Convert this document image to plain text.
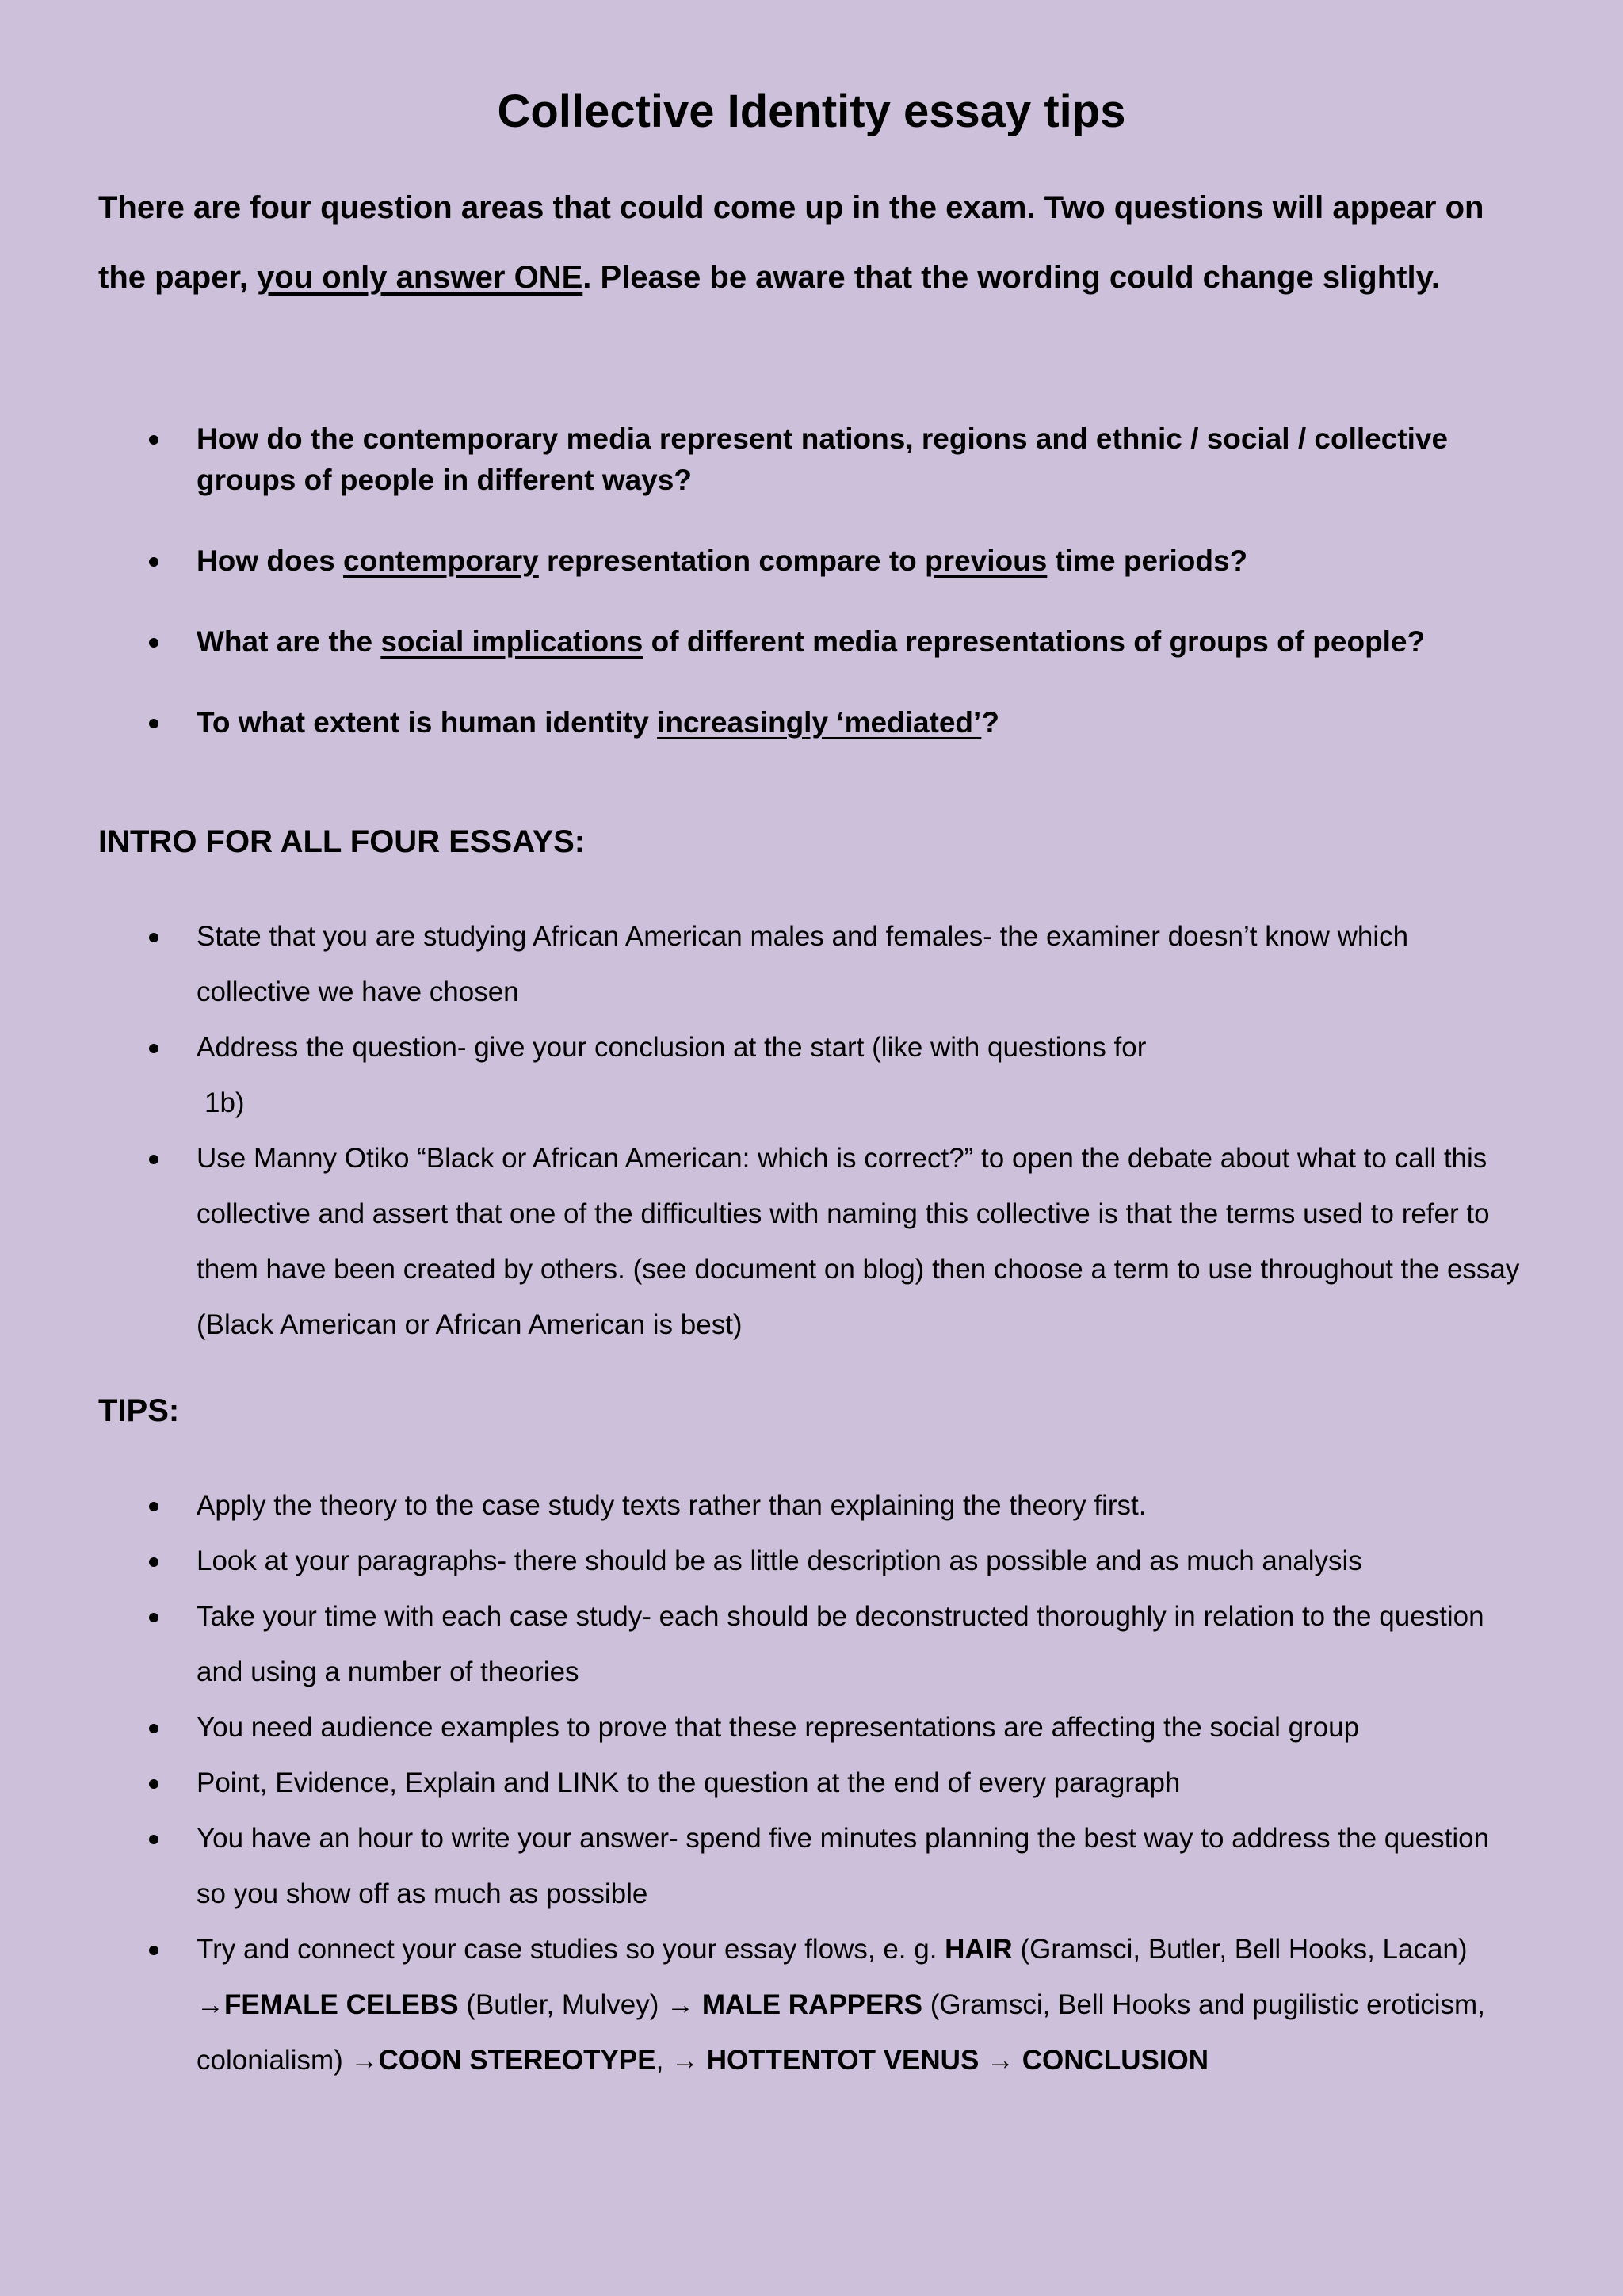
Collective Identity essay tips

There are four question areas that could come up in the exam. Two questions will appear on the paper, you only answer ONE. Please be aware that the wording could change slightly.

How do the contemporary media represent nations, regions and ethnic / social / collective groups of people in different ways?
How does contemporary representation compare to previous time periods?
What are the social implications of different media representations of groups of people?
To what extent is human identity increasingly ‘mediated’?
INTRO FOR ALL FOUR ESSAYS:
State that you are studying African American males and females- the examiner doesn’t know which collective we have chosen
Address the question- give your conclusion at the start (like with questions for
1b)
Use Manny Otiko “Black or African American: which is correct?” to open the debate about what to call this collective and assert that one of the difficulties with naming this collective is that the terms used to refer to them have been created by others. (see document on blog) then choose a term to use throughout the essay (Black American or African American is best)
TIPS:
Apply the theory to the case study texts rather than explaining the theory first.
Look at your paragraphs- there should be as little description as possible and as much analysis
Take your time with each case study- each should be deconstructed thoroughly in relation to the question and using a number of theories
You need audience examples to prove that these representations are affecting the social group
Point, Evidence, Explain and LINK to the question at the end of every paragraph
You have an hour to write your answer- spend five minutes planning the best way to address the question so you show off as much as possible
Try and connect your case studies so your essay flows, e. g. HAIR (Gramsci, Butler, Bell Hooks, Lacan)
→FEMALE CELEBS (Butler, Mulvey) → MALE RAPPERS (Gramsci, Bell Hooks and pugilistic eroticism, colonialism) →COON STEREOTYPE, → HOTTENTOT VENUS → CONCLUSION
